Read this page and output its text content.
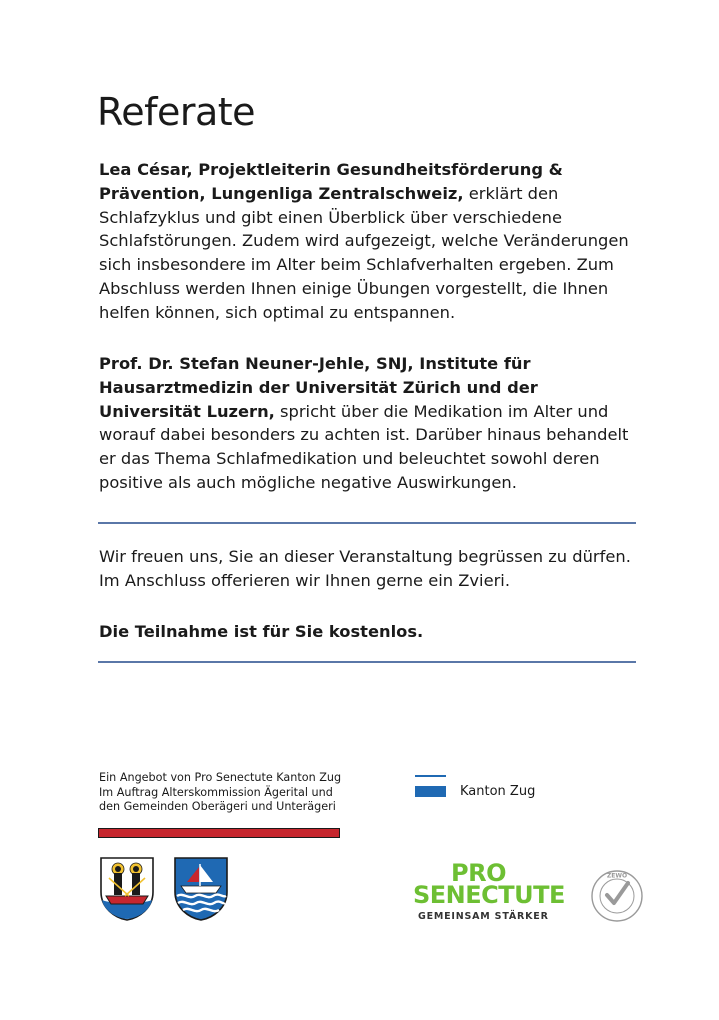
Referate

Lea César, Projektleiterin Gesundheitsförderung & Prävention, Lungenliga Zentralschweiz, erklärt den Schlafzyklus und gibt einen Überblick über verschiedene Schlafstörungen. Zudem wird aufgezeigt, welche Veränderungen sich insbesondere im Alter beim Schlafverhalten ergeben. Zum Abschluss werden Ihnen einige Übungen vorgestellt, die Ihnen helfen können, sich optimal zu entspannen.

Prof. Dr. Stefan Neuner-Jehle, SNJ, Institute für Hausarztmedizin der Universität Zürich und der Universität Luzern, spricht über die Medikation im Alter und worauf dabei besonders zu achten ist. Darüber hinaus behandelt er das Thema Schlafmedikation und beleuchtet sowohl deren positive als auch mögliche negative Auswirkungen.

Wir freuen uns, Sie an dieser Veranstaltung begrüssen zu dürfen.
Im Anschluss offerieren wir Ihnen gerne ein Zvieri.

Die Teilnahme ist für Sie kostenlos.

Ein Angebot von Pro Senectute Kanton Zug
Im Auftrag Alterskommission Ägerital und
den Gemeinden Oberägeri und Unterägeri

Kanton Zug
PRO
SENECTUTE
GEMEINSAM STÄRKER
ZEWO
